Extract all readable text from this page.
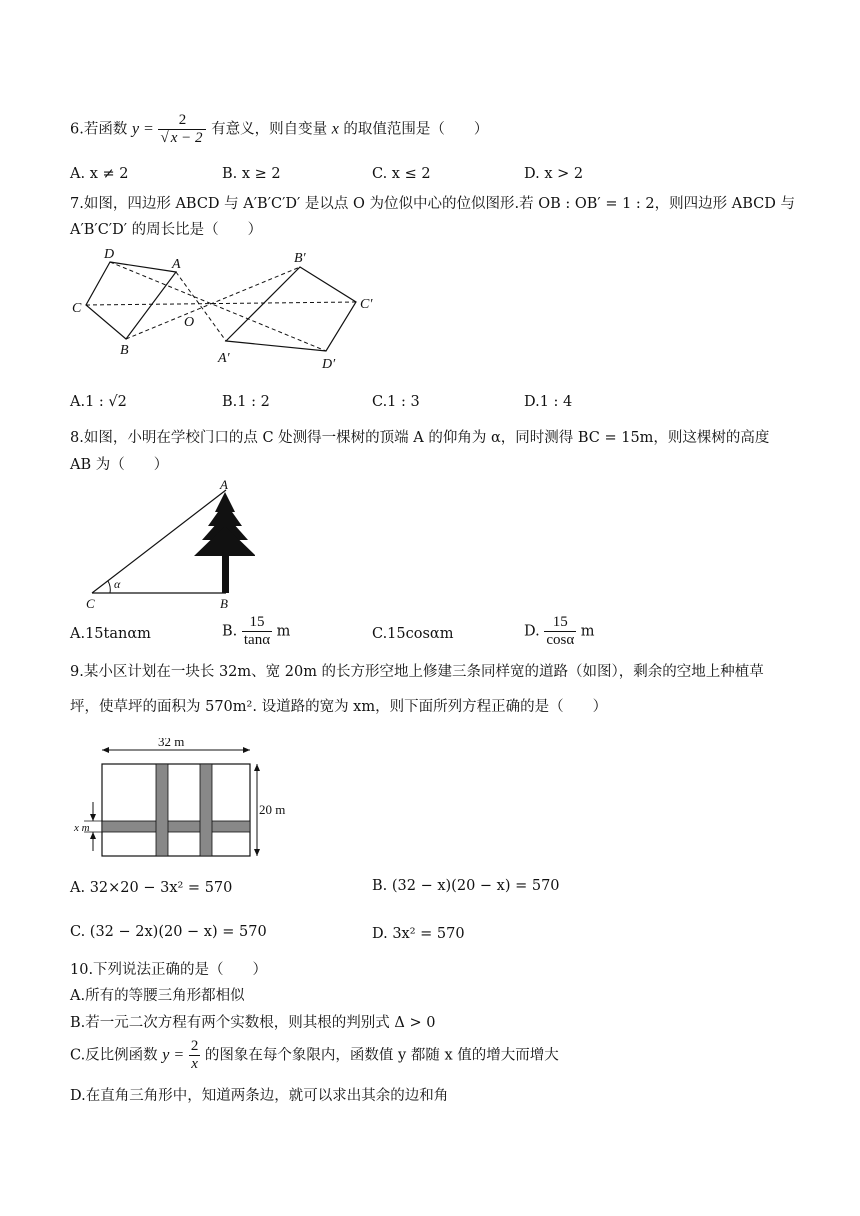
6.若函数 $y = \frac{2}{√ x - 2}$ 有意义，则自变量 x 的取值范围是（　　）
A. x ≠ 2	B. x ≥ 2	C. x ≤ 2	D. x > 2
7.如图，四边形 ABCD 与 A′B′C′D′ 是以点 O 为位似中心的位似图形.若 OB : OB′ = 1 : 2，则四边形 ABCD 与
A′B′C′D′ 的周长比是（　　）
D
A
C
O
B
B′
C′
A′	D′
A.1 : √2	B.1 : 2	C.1 : 3	D.1 : 4
8.如图，小明在学校门口的点 C 处测得一棵树的顶端 A 的仰角为 α，同时测得 BC = 15m，则这棵树的高度
AB 为（　　）
A
B
C
α
A.15tanαm	B. $\frac{15}{\tan\alpha}$ m	C.15cosαm	D. $\frac{15}{\cos\alpha}$ m
9.某小区计划在一块长 32m、宽 20m 的长方形空地上修建三条同样宽的道路（如图），剩余的空地上种植草
坪，使草坪的面积为 570m². 设道路的宽为 xm，则下面所列方程正确的是（　　）
32 m
20 m
x m
A. 32×20 − 3x² = 570	B. (32 − x)(20 − x) = 570
C. (32 − 2x)(20 − x) = 570	D. 3x² = 570
10.下列说法正确的是（　　）
A.所有的等腰三角形都相似
B.若一元二次方程有两个实数根，则其根的判别式 Δ > 0
C.反比例函数 $y = \frac{2}{x}$ 的图象在每个象限内，函数值 y 都随 x 值的增大而增大
D.在直角三角形中，知道两条边，就可以求出其余的边和角
